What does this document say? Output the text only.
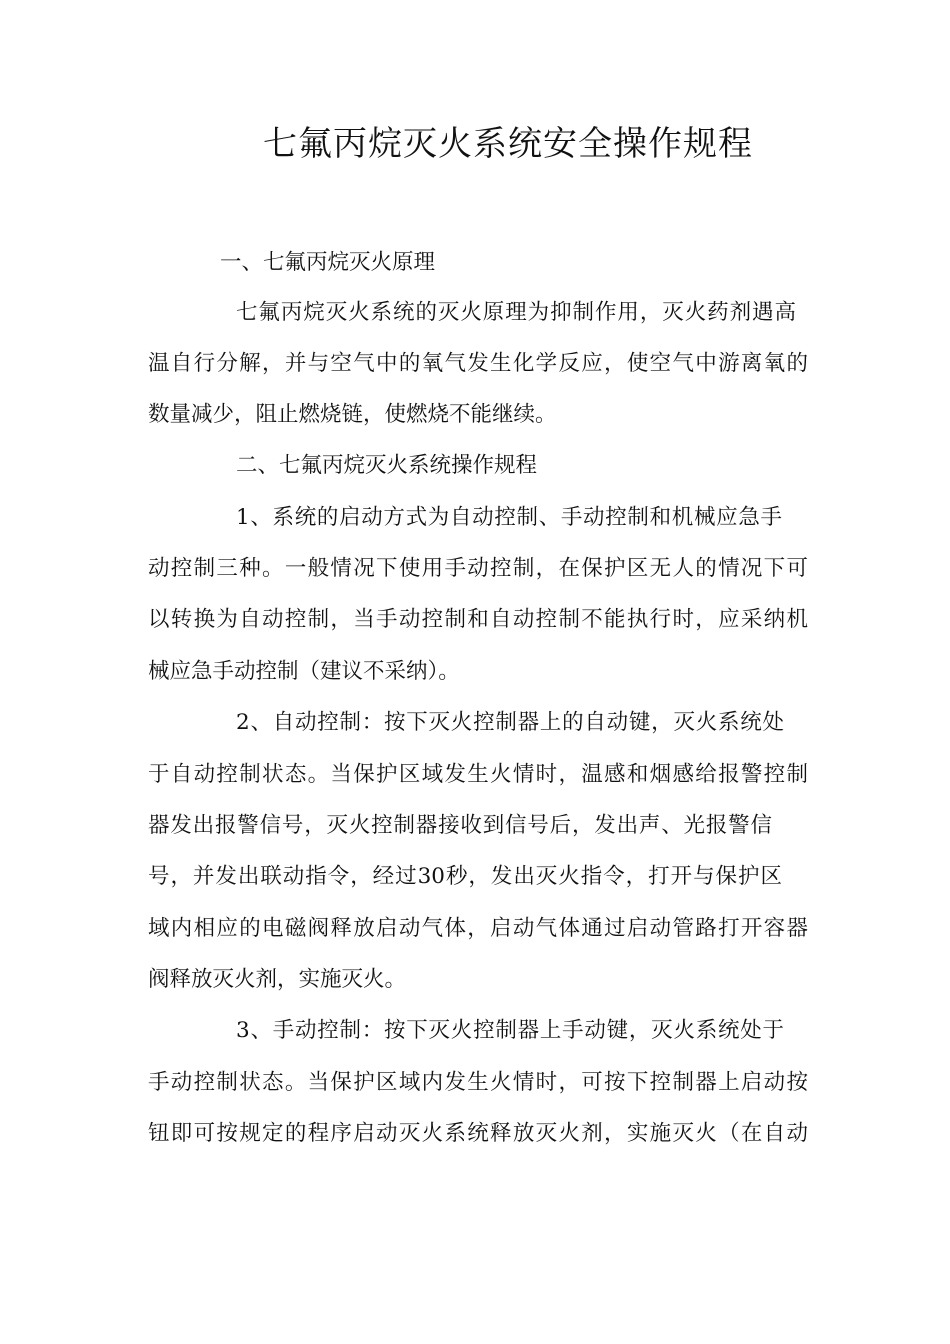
七氟丙烷灭火系统安全操作规程
一、七氟丙烷灭火原理
七氟丙烷灭火系统的灭火原理为抑制作用，灭火药剂遇高
温自行分解，并与空气中的氧气发生化学反应，使空气中游离氧的
数量减少，阻止燃烧链，使燃烧不能继续。
二、七氟丙烷灭火系统操作规程
1、系统的启动方式为自动控制、手动控制和机械应急手
动控制三种。一般情况下使用手动控制，在保护区无人的情况下可
以转换为自动控制，当手动控制和自动控制不能执行时，应采纳机
械应急手动控制（建议不采纳）。
2、自动控制：按下灭火控制器上的自动键，灭火系统处
于自动控制状态。当保护区域发生火情时，温感和烟感给报警控制
器发出报警信号，灭火控制器接收到信号后，发出声、光报警信
号，并发出联动指令，经过30秒，发出灭火指令，打开与保护区
域内相应的电磁阀释放启动气体，启动气体通过启动管路打开容器
阀释放灭火剂，实施灭火。
3、手动控制：按下灭火控制器上手动键，灭火系统处于
手动控制状态。当保护区域内发生火情时，可按下控制器上启动按
钮即可按规定的程序启动灭火系统释放灭火剂，实施灭火（在自动
